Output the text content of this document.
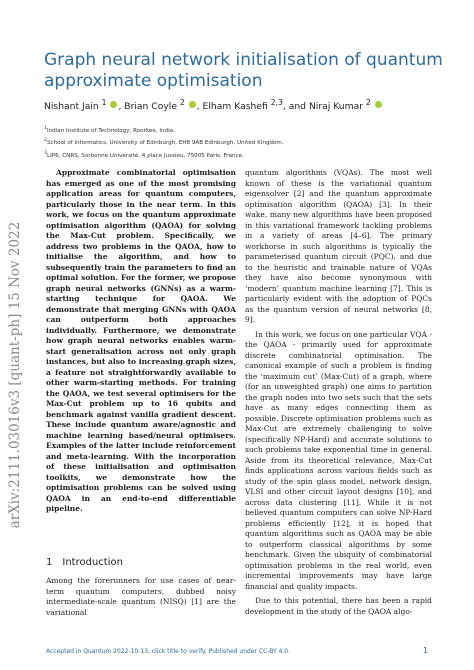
arXiv:2111.03016v3 [quant-ph] 15 Nov 2022
Graph neural network initialisation of quantum approximate optimisation
Nishant Jain $^1$ , Brian Coyle $^2$ , Elham Kashefi $^{2,3}$, and Niraj Kumar $^2$
$^1$Indian Institute of Technology, Roorkee, India.
$^2$School of Informatics, University of Edinburgh, EH8 9AB Edinburgh, United Kingdom.
$^3$LIP6, CNRS, Sorbonne Université, 4 place Jussieu, 75005 Paris, France.

Approximate combinatorial optimisation has emerged as one of the most promising application areas for quantum computers, particularly those in the near term. In this work, we focus on the quantum approximate optimisation algorithm (QAOA) for solving the Max-Cut problem. Specifically, we address two problems in the QAOA, how to initialise the algorithm, and how to subsequently train the parameters to find an optimal solution. For the former, we propose graph neural networks (GNNs) as a warm-starting technique for QAOA. We demonstrate that merging GNNs with QAOA can outperform both approaches individually. Furthermore, we demonstrate how graph neural networks enables warm-start generalisation across not only graph instances, but also to increasing graph sizes, a feature not straightforwardly available to other warm-starting methods. For training the QAOA, we test several optimisers for the Max-Cut problem up to 16 qubits and benchmark against vanilla gradient descent. These include quantum aware/agnostic and machine learning based/neural optimisers. Examples of the latter include reinforcement and meta-learning. With the incorporation of these initialisation and optimisation toolkits, we demonstrate how the optimisation problems can be solved using QAOA in an end-to-end differentiable pipeline.

1 Introduction

Among the forerunners for use cases of near-term quantum computers, dubbed noisy intermediate-scale quantum (NISQ) [1] are the variational

quantum algorithms (VQAs). The most well known of these is the variational quantum eigensolver [2] and the quantum approximate optimisation algorithm (QAOA) [3]. In their wake, many new algorithms have been proposed in this variational framework tackling problems in a variety of areas [4–6]. The primary workhorse in such algorithms is typically the parameterised quantum circuit (PQC), and due to the heuristic and trainable nature of VQAs they have also become synonymous with ‘modern’ quantum machine learning [7]. This is particularly evident with the adoption of PQCs as the quantum version of neural networks [8, 9].

In this work, we focus on one particular VQA - the QAOA - primarily used for approximate discrete combinatorial optimisation. The canonical example of such a problem is finding the ‘maximum cut’ (Max-Cut) of a graph, where (for an unweighted graph) one aims to partition the graph nodes into two sets such that the sets have as many edges connecting them as possible. Discrete optimisation problems such as Max-Cut are extremely challenging to solve (specifically NP-Hard) and accurate solutions to such problems take exponential time in general. Aside from its theoretical relevance, Max-Cut finds applications across various fields such as study of the spin glass model, network design, VLSI and other circuit layout designs [10], and across data clustering [11]. While it is not believed quantum computers can solve NP-Hard problems efficiently [12], it is hoped that quantum algorithms such as QAOA may be able to outperform classical algorithms by some benchmark. Given the ubiquity of combinatorial optimisation problems in the real world, even incremental improvements may have large financial and quality impacts.

Due to this potential, there has been a rapid development in the study of the QAOA algo-

Accepted in Quantum 2022-10-13, click title to verify. Published under CC-BY 4.0.	1
